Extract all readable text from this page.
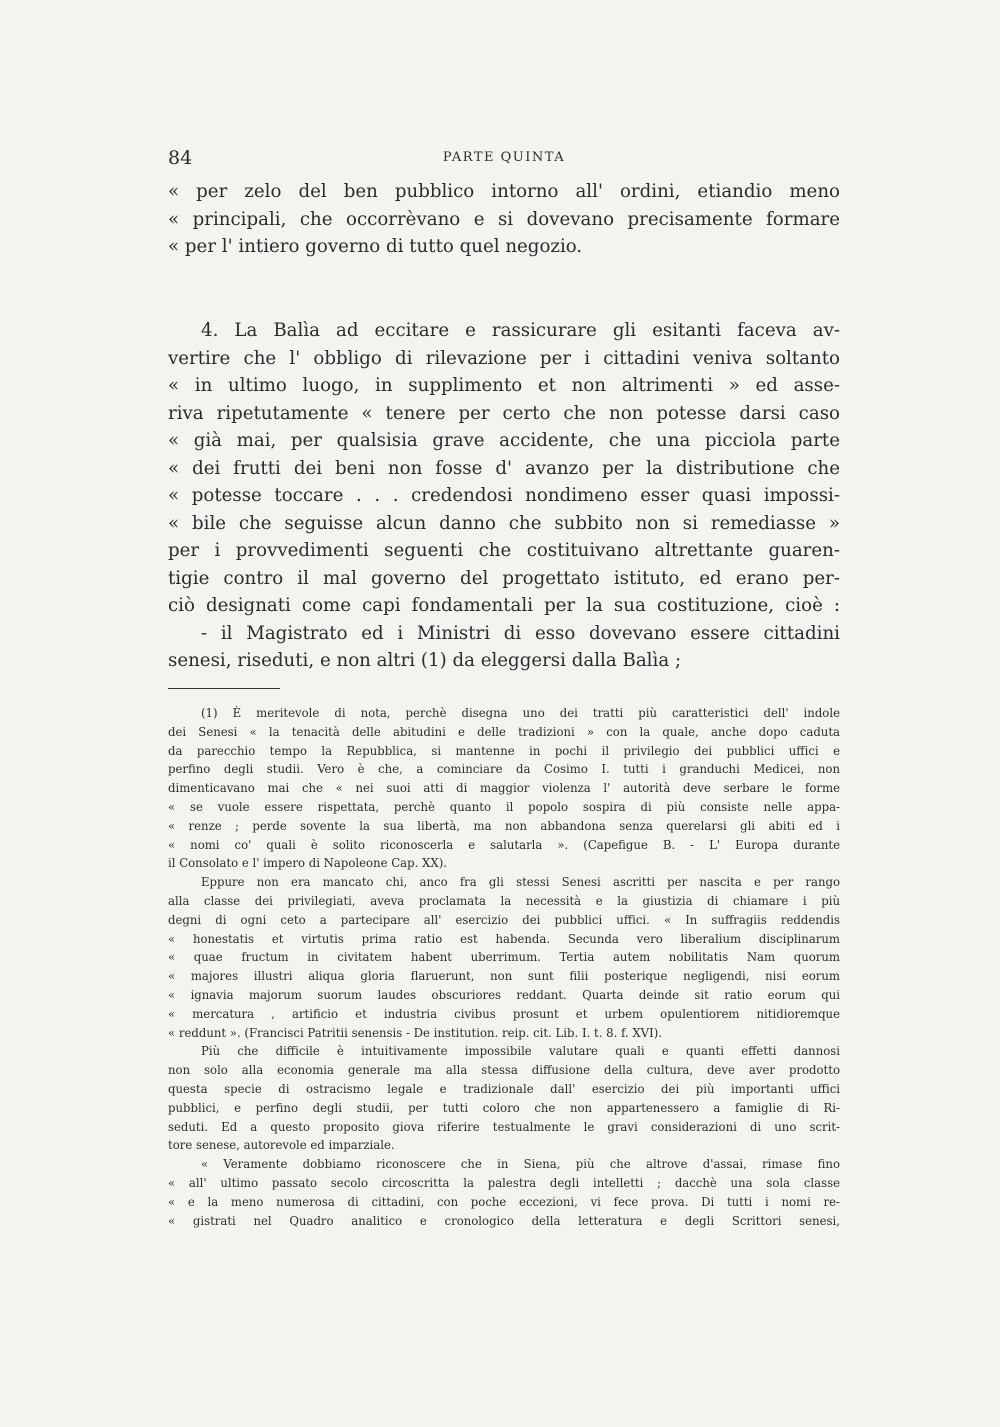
84	PARTE QUINTA
« per zelo del ben pubblico intorno all' ordini, etiandio meno
« principali, che occorrèvano e si dovevano precisamente formare
« per l' intiero governo di tutto quel negozio.
4. La Balìa ad eccitare e rassicurare gli esitanti faceva av-
vertire che l' obbligo di rilevazione per i cittadini veniva soltanto
« in ultimo luogo, in supplimento et non altrimenti » ed asse-
riva ripetutamente « tenere per certo che non potesse darsi caso
« già mai, per qualsisia grave accidente, che una picciola parte
« dei frutti dei beni non fosse d' avanzo per la distributione che
« potesse toccare . . . credendosi nondimeno esser quasi impossi-
« bile che seguisse alcun danno che subbito non si remediasse »
per i provvedimenti seguenti che costituivano altrettante guaren-
tigie contro il mal governo del progettato istituto, ed erano per-
ciò designati come capi fondamentali per la sua costituzione, cioè :
- il Magistrato ed i Ministri di esso dovevano essere cittadini
senesi, riseduti, e non altri (1) da eleggersi dalla Balìa ;
(1) È meritevole di nota, perchè disegna uno dei tratti più caratteristici dell' indole
dei Senesi « la tenacità delle abitudini e delle tradizioni » con la quale, anche dopo caduta
da parecchio tempo la Repubblica, si mantenne in pochi il privilegio dei pubblici uffici e
perfino degli studii. Vero è che, a cominciare da Cosimo I. tutti i granduchi Medicei, non
dimenticavano mai che « nei suoi atti di maggior violenza l' autorità deve serbare le forme
« se vuole essere rispettata, perchè quanto il popolo sospira di più consiste nelle appa-
« renze ; perde sovente la sua libertà, ma non abbandona senza querelarsi gli abiti ed i
« nomi co' quali è solito riconoscerla e salutarla ». (Capefigue B. - L' Europa durante
il Consolato e l' impero di Napoleone Cap. XX).
Eppure non era mancato chi, anco fra gli stessi Senesi ascritti per nascita e per rango
alla classe dei privilegiati, aveva proclamata la necessità e la giustizia di chiamare i più
degni di ogni ceto a partecipare all' esercizio dei pubblici uffici. « In suffragiis reddendis
« honestatis et virtutis prima ratio est habenda. Secunda vero liberalium disciplinarum
« quae fructum in civitatem habent uberrimum. Tertia autem nobilitatis Nam quorum
« majores illustri aliqua gloria flaruerunt, non sunt filii posterique negligendi, nisi eorum
« ignavia majorum suorum laudes obscuriores reddant. Quarta deinde sit ratio eorum qui
« mercatura , artificio et industria civibus prosunt et urbem opulentiorem nitidioremque
« reddunt ». (Francisci Patritii senensis - De institution. reip. cit. Lib. I. t. 8. f. XVI).
Più che difficile è intuitivamente impossibile valutare quali e quanti effetti dannosi
non solo alla economia generale ma alla stessa diffusione della cultura, deve aver prodotto
questa specie di ostracismo legale e tradizionale dall' esercizio dei più importanti uffici
pubblici, e perfino degli studii, per tutti coloro che non appartenessero a famiglie di Ri-
seduti. Ed a questo proposito giova riferire testualmente le gravi considerazioni di uno scrit-
tore senese, autorevole ed imparziale.
« Veramente dobbiamo riconoscere che in Siena, più che altrove d'assai, rimase fino
« all' ultimo passato secolo circoscritta la palestra degli intelletti ; dacchè una sola classe
« e la meno numerosa di cittadini, con poche eccezioni, vi fece prova. Di tutti i nomi re-
« gistrati nel Quadro analitico e cronologico della letteratura e degli Scrittori senesi,
